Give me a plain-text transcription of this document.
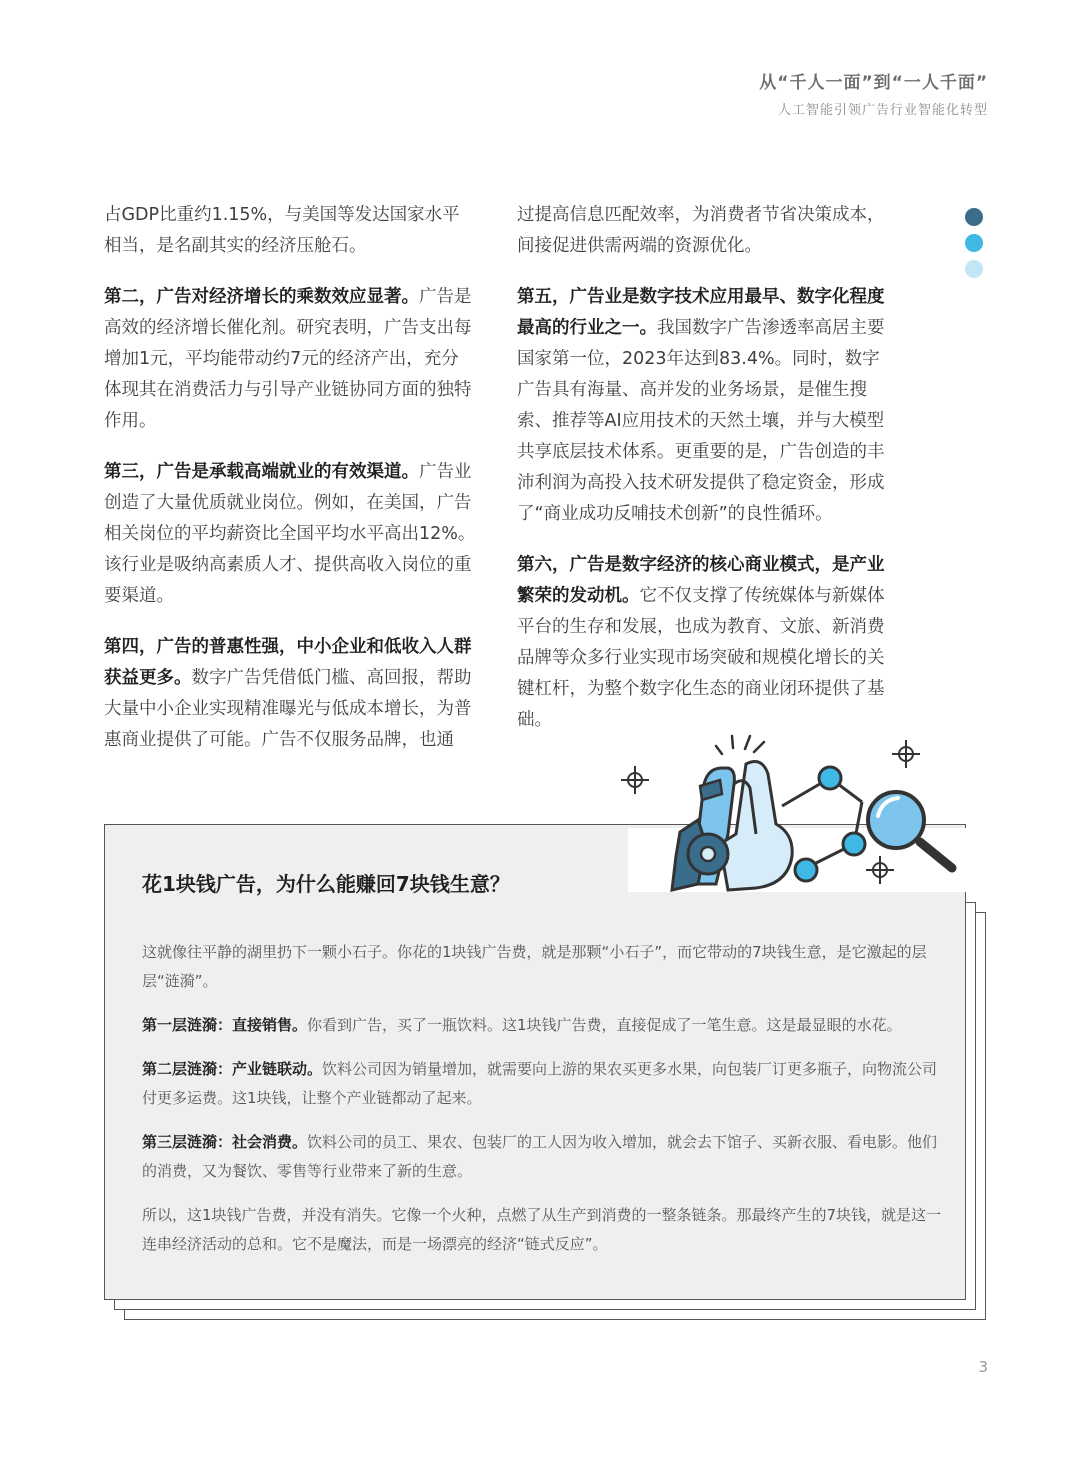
从“千人一面”到“一人千面”
人工智能引领广告行业智能化转型

占GDP比重约1.15%，与美国等发达国家水平相当，是名副其实的经济压舱石。

第二，广告对经济增长的乘数效应显著。广告是高效的经济增长催化剂。研究表明，广告支出每增加1元，平均能带动约7元的经济产出，充分体现其在消费活力与引导产业链协同方面的独特作用。

第三，广告是承载高端就业的有效渠道。广告业创造了大量优质就业岗位。例如，在美国，广告相关岗位的平均薪资比全国平均水平高出12%。该行业是吸纳高素质人才、提供高收入岗位的重要渠道。

第四，广告的普惠性强，中小企业和低收入人群获益更多。数字广告凭借低门槛、高回报，帮助大量中小企业实现精准曝光与低成本增长，为普惠商业提供了可能。广告不仅服务品牌，也通

过提高信息匹配效率，为消费者节省决策成本，间接促进供需两端的资源优化。

第五，广告业是数字技术应用最早、数字化程度最高的行业之一。我国数字广告渗透率高居主要国家第一位，2023年达到83.4%。同时，数字广告具有海量、高并发的业务场景，是催生搜索、推荐等AI应用技术的天然土壤，并与大模型共享底层技术体系。更重要的是，广告创造的丰沛利润为高投入技术研发提供了稳定资金，形成了“商业成功反哺技术创新”的良性循环。

第六，广告是数字经济的核心商业模式，是产业繁荣的发动机。它不仅支撑了传统媒体与新媒体平台的生存和发展，也成为教育、文旅、新消费品牌等众多行业实现市场突破和规模化增长的关键杠杆，为整个数字化生态的商业闭环提供了基础。

花1块钱广告，为什么能赚回7块钱生意？

这就像往平静的湖里扔下一颗小石子。你花的1块钱广告费，就是那颗“小石子”，而它带动的7块钱生意，是它激起的层层“涟漪”。

第一层涟漪：直接销售。你看到广告，买了一瓶饮料。这1块钱广告费，直接促成了一笔生意。这是最显眼的水花。

第二层涟漪：产业链联动。饮料公司因为销量增加，就需要向上游的果农买更多水果，向包装厂订更多瓶子，向物流公司付更多运费。这1块钱，让整个产业链都动了起来。

第三层涟漪：社会消费。饮料公司的员工、果农、包装厂的工人因为收入增加，就会去下馆子、买新衣服、看电影。他们的消费，又为餐饮、零售等行业带来了新的生意。

所以，这1块钱广告费，并没有消失。它像一个火种，点燃了从生产到消费的一整条链条。那最终产生的7块钱，就是这一连串经济活动的总和。它不是魔法，而是一场漂亮的经济“链式反应”。

3
